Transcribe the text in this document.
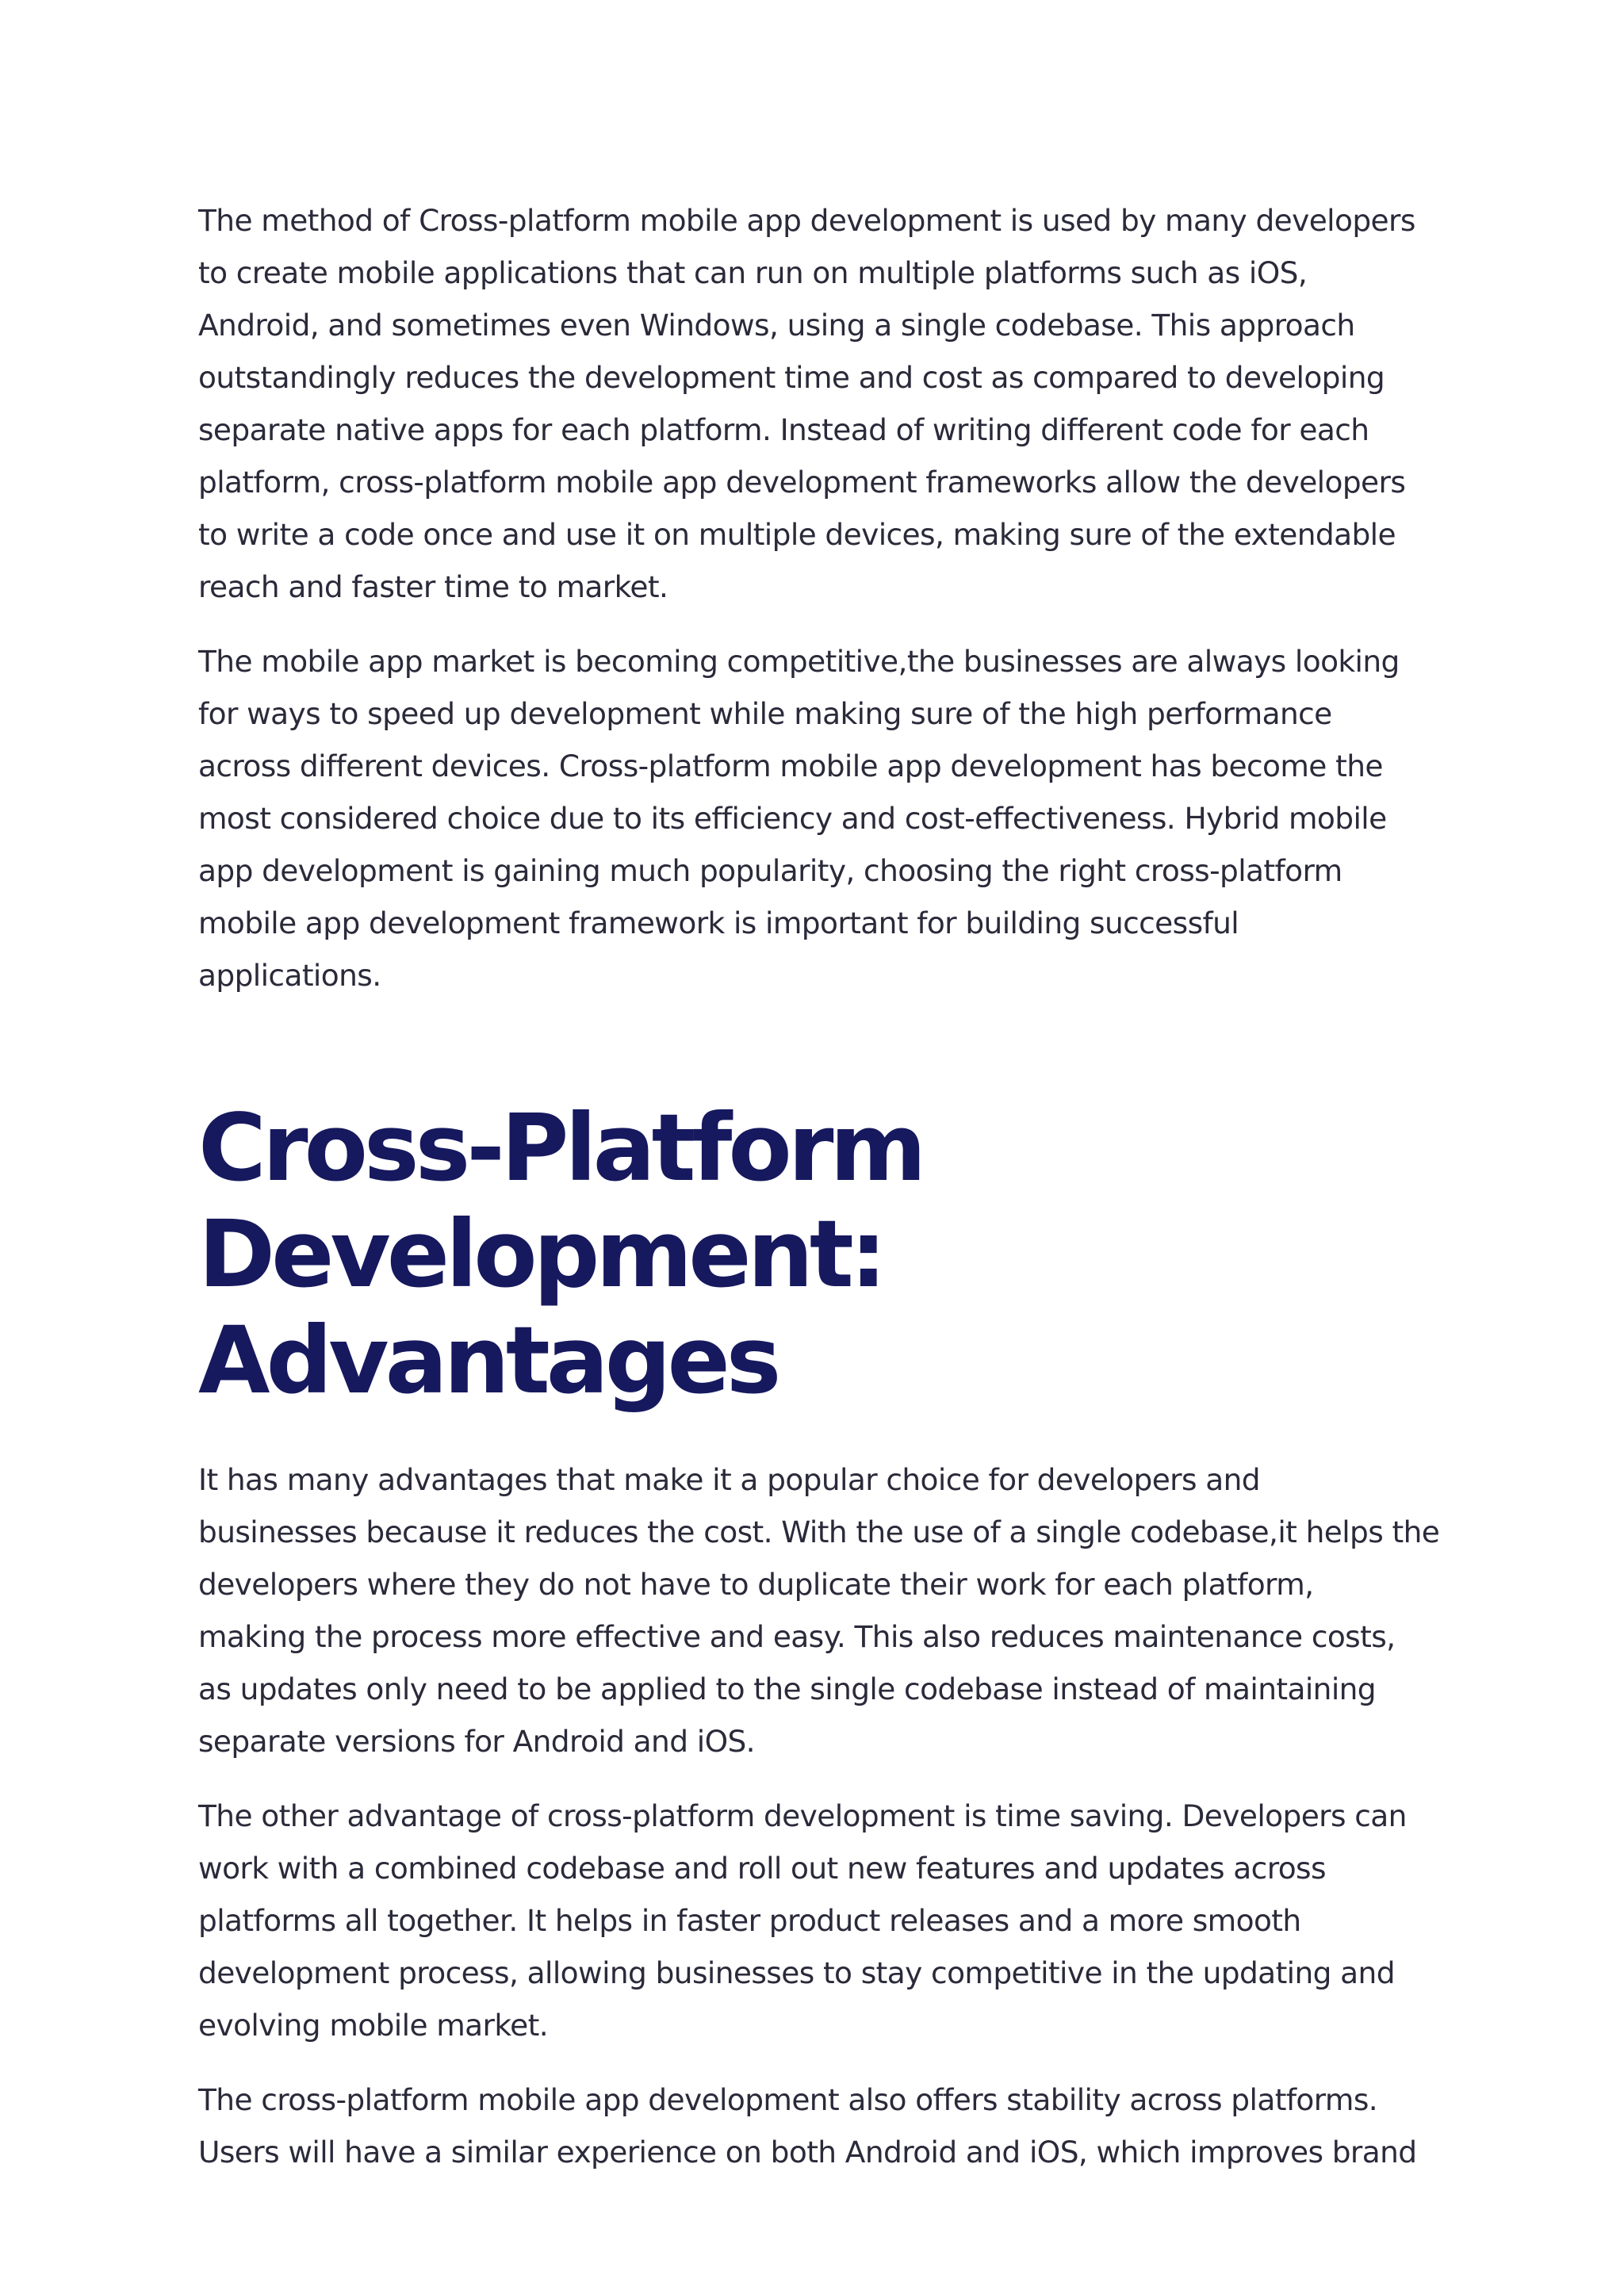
The method of Cross-platform mobile app development is used by many developers
to create mobile applications that can run on multiple platforms such as iOS,
Android, and sometimes even Windows, using a single codebase. This approach
outstandingly reduces the development time and cost as compared to developing
separate native apps for each platform. Instead of writing different code for each
platform, cross-platform mobile app development frameworks allow the developers
to write a code once and use it on multiple devices, making sure of the extendable
reach and faster time to market.

The mobile app market is becoming competitive,the businesses are always looking
for ways to speed up development while making sure of the high performance
across different devices. Cross-platform mobile app development has become the
most considered choice due to its efficiency and cost-effectiveness. Hybrid mobile
app development is gaining much popularity, choosing the right cross-platform
mobile app development framework is important for building successful
applications.

Cross-Platform Development:
Advantages

It has many advantages that make it a popular choice for developers and
businesses because it reduces the cost. With the use of a single codebase,it helps the
developers where they do not have to duplicate their work for each platform,
making the process more effective and easy. This also reduces maintenance costs,
as updates only need to be applied to the single codebase instead of maintaining
separate versions for Android and iOS.

The other advantage of cross-platform development is time saving. Developers can
work with a combined codebase and roll out new features and updates across
platforms all together. It helps in faster product releases and a more smooth
development process, allowing businesses to stay competitive in the updating and
evolving mobile market.

The cross-platform mobile app development also offers stability across platforms.
Users will have a similar experience on both Android and iOS, which improves brand
